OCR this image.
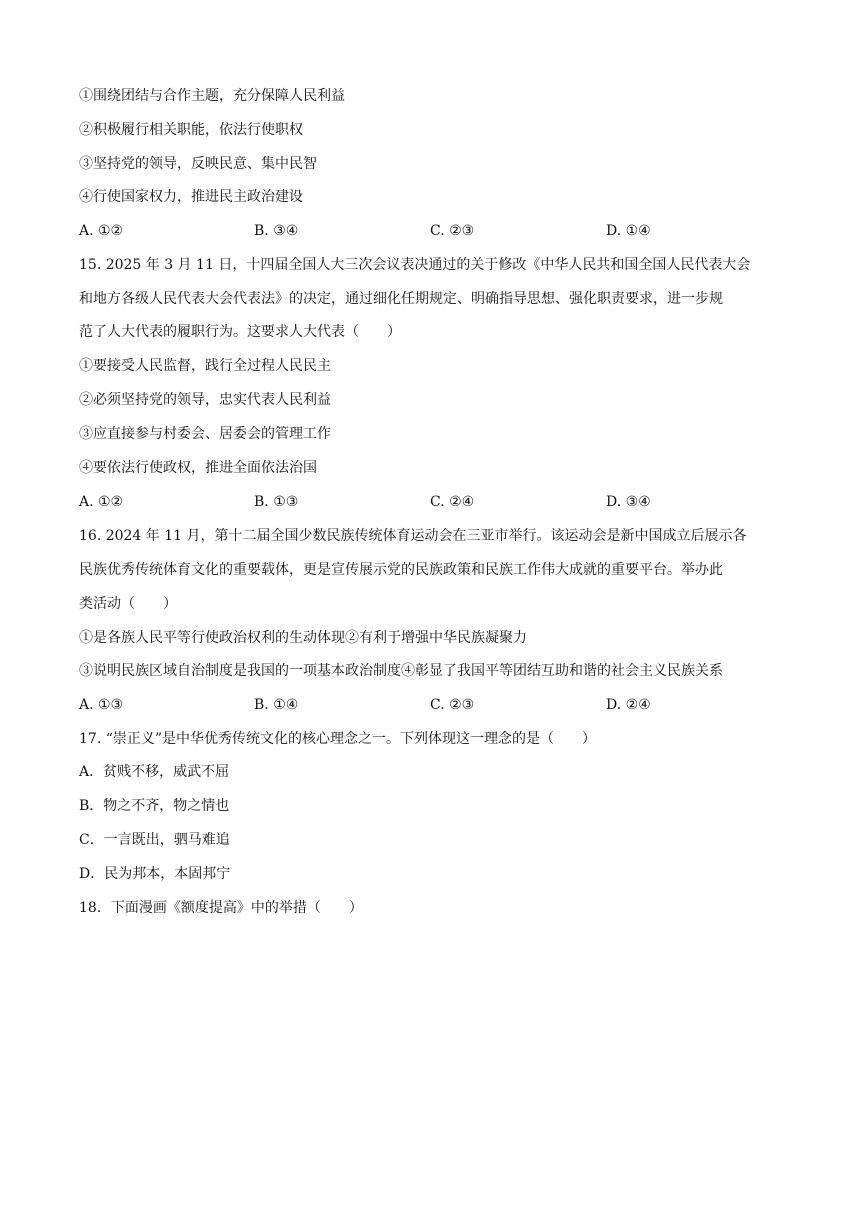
①围绕团结与合作主题，充分保障人民利益
②积极履行相关职能，依法行使职权
③坚持党的领导，反映民意、集中民智
④行使国家权力，推进民主政治建设
A. ①②	B. ③④	C. ②③	D. ①④
15. 2025 年 3 月 11 日，十四届全国人大三次会议表决通过的关于修改《中华人民共和国全国人民代表大会
和地方各级人民代表大会代表法》的决定，通过细化任期规定、明确指导思想、强化职责要求，进一步规
范了人大代表的履职行为。这要求人大代表（　　）
①要接受人民监督，践行全过程人民民主
②必须坚持党的领导，忠实代表人民利益
③应直接参与村委会、居委会的管理工作
④要依法行使政权，推进全面依法治国
A. ①②	B. ①③	C. ②④	D. ③④
16. 2024 年 11 月，第十二届全国少数民族传统体育运动会在三亚市举行。该运动会是新中国成立后展示各
民族优秀传统体育文化的重要载体，更是宣传展示党的民族政策和民族工作伟大成就的重要平台。举办此
类活动（　　）
①是各族人民平等行使政治权利的生动体现②有利于增强中华民族凝聚力
③说明民族区域自治制度是我国的一项基本政治制度④彰显了我国平等团结互助和谐的社会主义民族关系
A. ①③	B. ①④	C. ②③	D. ②④
17. “崇正义”是中华优秀传统文化的核心理念之一。下列体现这一理念的是（　　）
A．贫贱不移，威武不屈
B．物之不齐，物之情也
C．一言既出，驷马难追
D．民为邦本，本固邦宁
18．下面漫画《额度提高》中的举措（　　）
